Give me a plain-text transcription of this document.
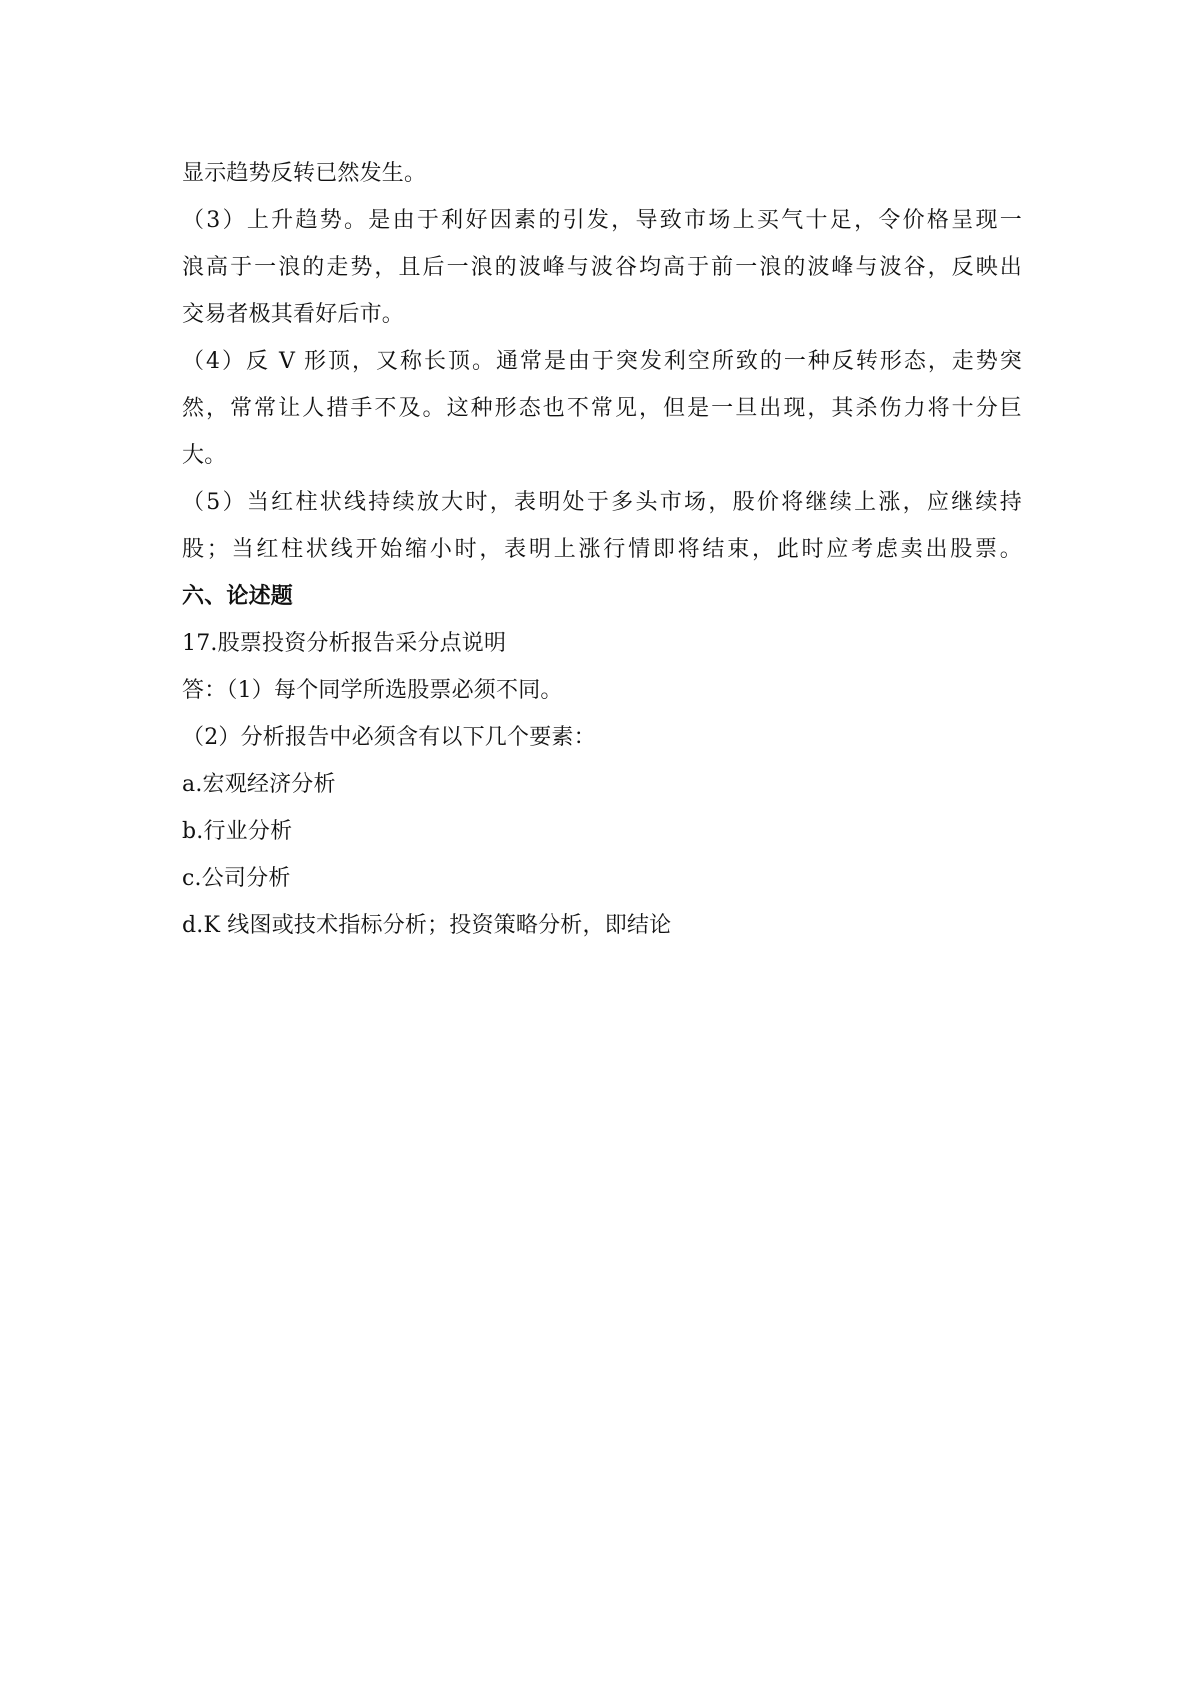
显示趋势反转已然发生。
（3）上升趋势。是由于利好因素的引发，导致市场上买气十足，令价格呈现一
浪高于一浪的走势，且后一浪的波峰与波谷均高于前一浪的波峰与波谷，反映出
交易者极其看好后市。
（4）反 V 形顶，又称长顶。通常是由于突发利空所致的一种反转形态，走势突
然，常常让人措手不及。这种形态也不常见，但是一旦出现，其杀伤力将十分巨
大。
（5）当红柱状线持续放大时，表明处于多头市场，股价将继续上涨，应继续持
股；当红柱状线开始缩小时，表明上涨行情即将结束，此时应考虑卖出股票。
六、论述题
17.股票投资分析报告采分点说明
答：（1）每个同学所选股票必须不同。
（2）分析报告中必须含有以下几个要素：
a.宏观经济分析
b.行业分析
c.公司分析
d.K 线图或技术指标分析；投资策略分析，即结论
